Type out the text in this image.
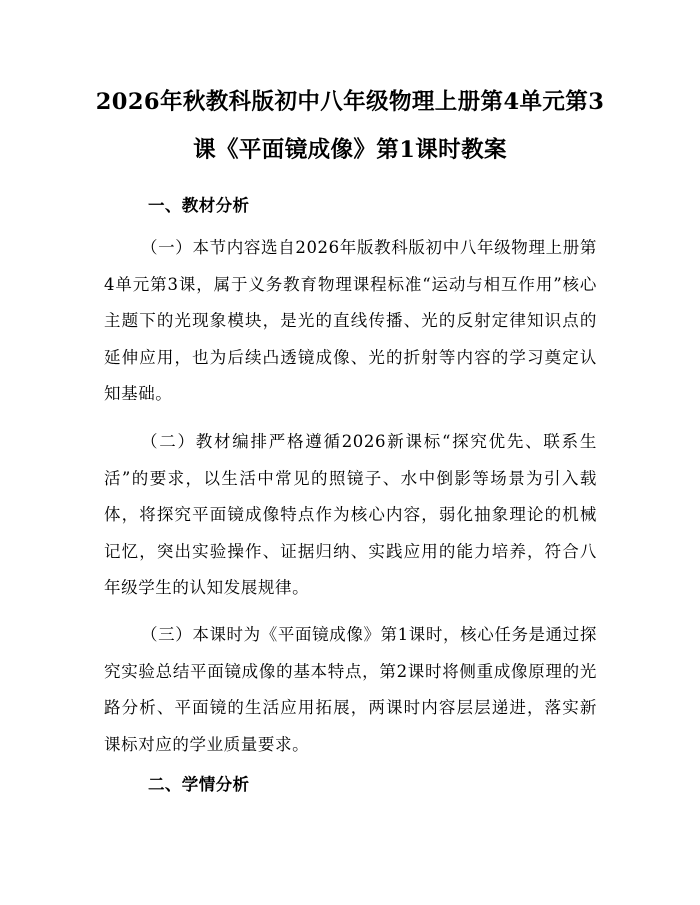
2026年秋教科版初中八年级物理上册第4单元第3课《平面镜成像》第1课时教案
一、教材分析

（一）本节内容选自2026年版教科版初中八年级物理上册第4单元第3课，属于义务教育物理课程标准“运动与相互作用”核心主题下的光现象模块，是光的直线传播、光的反射定律知识点的延伸应用，也为后续凸透镜成像、光的折射等内容的学习奠定认知基础。

（二）教材编排严格遵循2026新课标“探究优先、联系生活”的要求，以生活中常见的照镜子、水中倒影等场景为引入载体，将探究平面镜成像特点作为核心内容，弱化抽象理论的机械记忆，突出实验操作、证据归纳、实践应用的能力培养，符合八年级学生的认知发展规律。

（三）本课时为《平面镜成像》第1课时，核心任务是通过探究实验总结平面镜成像的基本特点，第2课时将侧重成像原理的光路分析、平面镜的生活应用拓展，两课时内容层层递进，落实新课标对应的学业质量要求。

二、学情分析
